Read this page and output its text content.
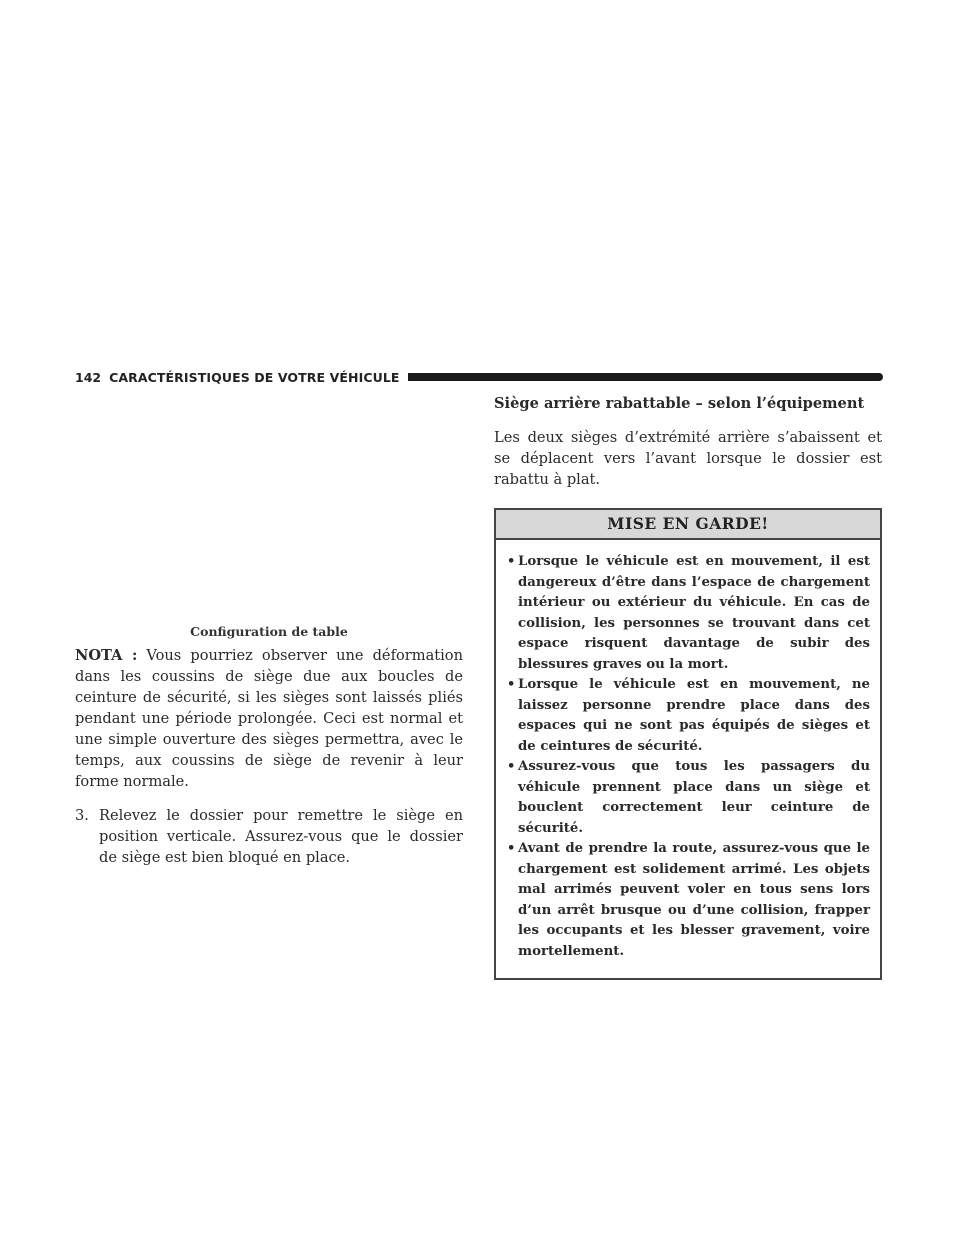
142 CARACTÉRISTIQUES DE VOTRE VÉHICULE
Configuration de table

NOTA : Vous pourriez observer une déformation dans les coussins de siège due aux boucles de ceinture de sécurité, si les sièges sont laissés pliés pendant une période prolongée. Ceci est normal et une simple ouverture des sièges permettra, avec le temps, aux coussins de siège de revenir à leur forme normale.

3. Relevez le dossier pour remettre le siège en position verticale. Assurez-vous que le dossier de siège est bien bloqué en place.

Siège arrière rabattable – selon l’équipement
Les deux sièges d’extrémité arrière s’abaissent et se déplacent vers l’avant lorsque le dossier est rabattu à plat.
MISE EN GARDE!
• Lorsque le véhicule est en mouvement, il est dangereux d’être dans l’espace de chargement intérieur ou extérieur du véhicule. En cas de collision, les personnes se trouvant dans cet espace risquent davantage de subir des blessures graves ou la mort.
• Lorsque le véhicule est en mouvement, ne laissez personne prendre place dans des espaces qui ne sont pas équipés de sièges et de ceintures de sécurité.
• Assurez-vous que tous les passagers du véhicule prennent place dans un siège et bouclent correctement leur ceinture de sécurité.
• Avant de prendre la route, assurez-vous que le chargement est solidement arrimé. Les objets mal arrimés peuvent voler en tous sens lors d’un arrêt brusque ou d’une collision, frapper les occupants et les blesser gravement, voire mortellement.
